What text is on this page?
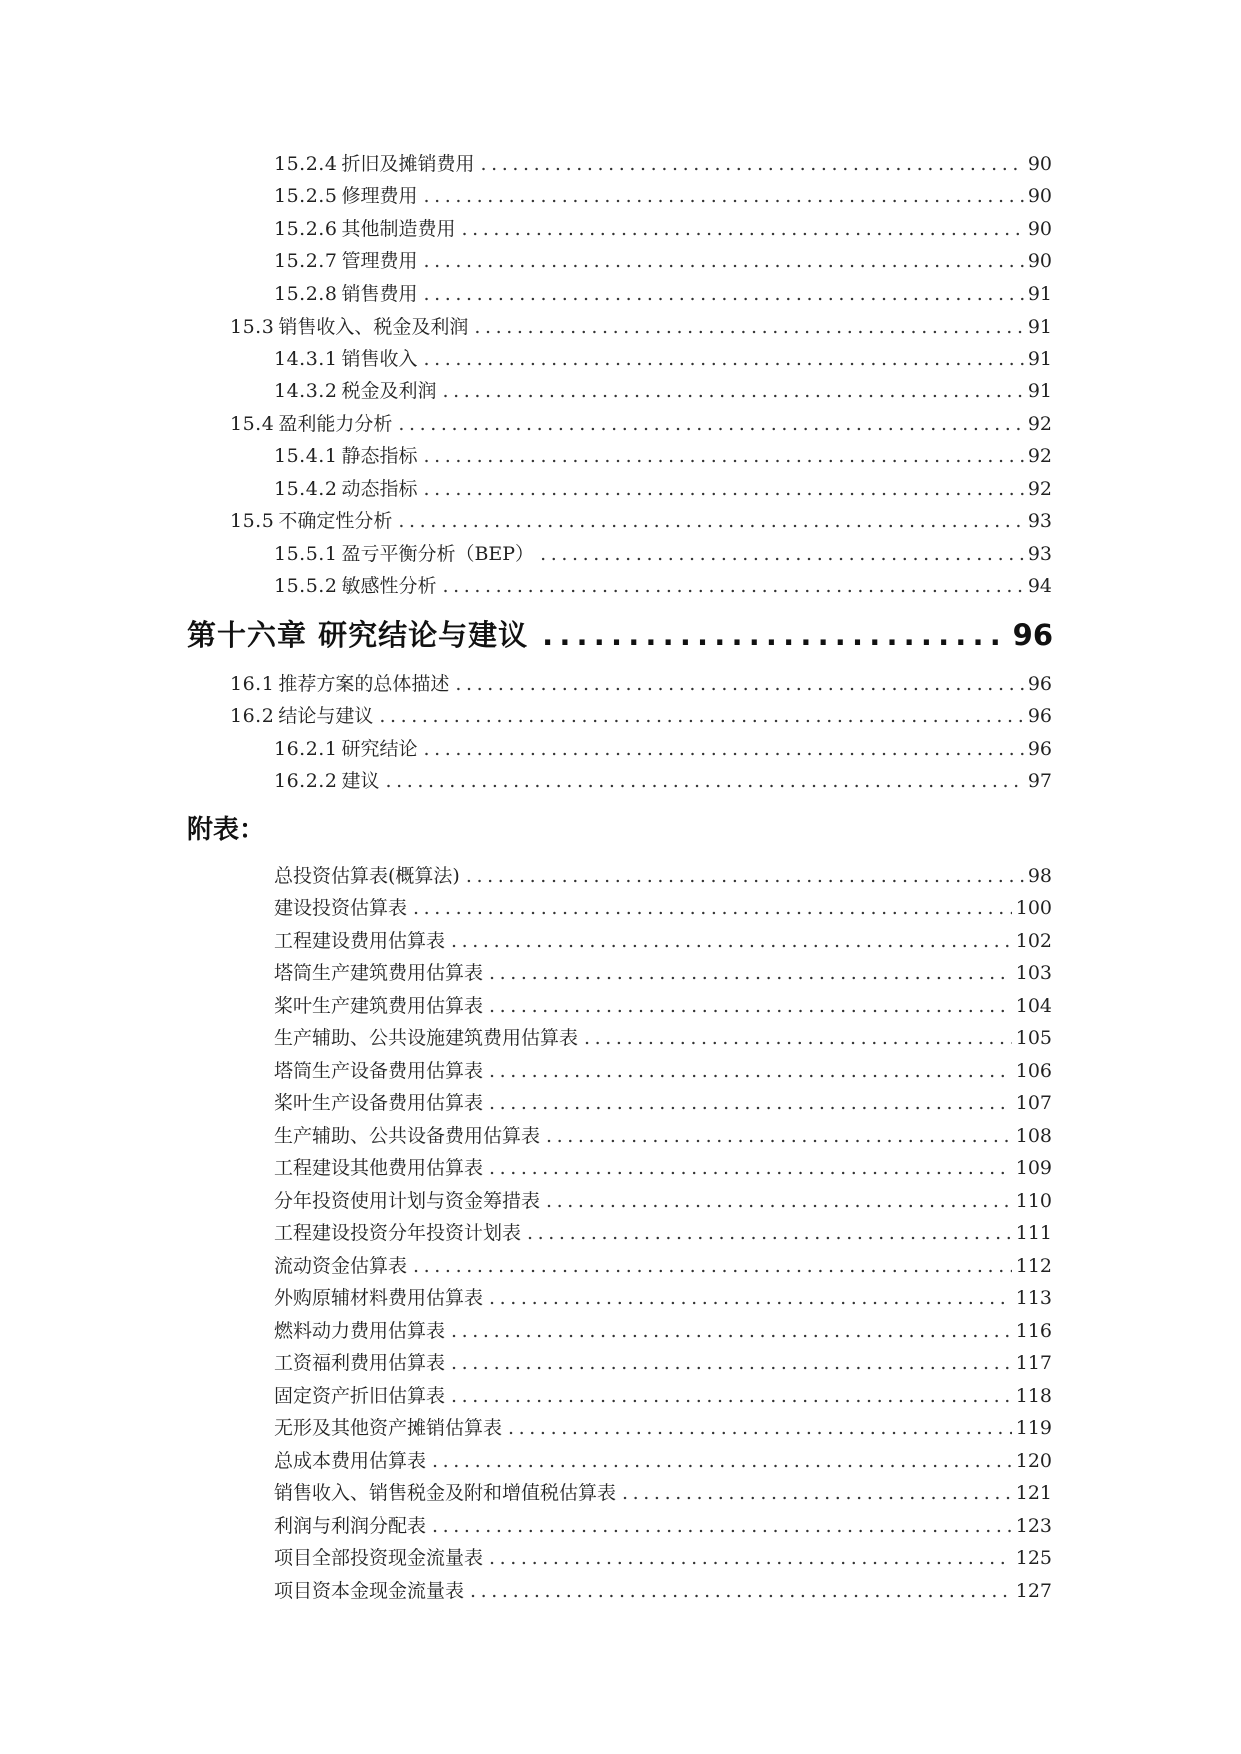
15.2.4 折旧及摊销费用 .....	90
15.2.5 修理费用 .....	90
15.2.6 其他制造费用 .....	90
15.2.7 管理费用 .....	90
15.2.8 销售费用 .....	91
15.3 销售收入、税金及利润 .....	91
14.3.1 销售收入 .....	91
14.3.2 税金及利润 .....	91
15.4 盈利能力分析 .....	92
15.4.1 静态指标 .....	92
15.4.2 动态指标 .....	92
15.5 不确定性分析 .....	93
15.5.1 盈亏平衡分析（BEP） .....	93
15.5.2 敏感性分析 .....	94
第十六章 研究结论与建议 .....	96
16.1 推荐方案的总体描述 .....	96
16.2 结论与建议 .....	96
16.2.1 研究结论 .....	96
16.2.2 建议 .....	97
附表：
总投资估算表(概算法) .....	98
建设投资估算表 .....	100
工程建设费用估算表 .....	102
塔筒生产建筑费用估算表 .....	103
桨叶生产建筑费用估算表 .....	104
生产辅助、公共设施建筑费用估算表 .....	105
塔筒生产设备费用估算表 .....	106
桨叶生产设备费用估算表 .....	107
生产辅助、公共设备费用估算表 .....	108
工程建设其他费用估算表 .....	109
分年投资使用计划与资金筹措表 .....	110
工程建设投资分年投资计划表 .....	111
流动资金估算表 .....	112
外购原辅材料费用估算表 .....	113
燃料动力费用估算表 .....	116
工资福利费用估算表 .....	117
固定资产折旧估算表 .....	118
无形及其他资产摊销估算表 .....	119
总成本费用估算表 .....	120
销售收入、销售税金及附和增值税估算表 .....	121
利润与利润分配表 .....	123
项目全部投资现金流量表 .....	125
项目资本金现金流量表 .....	127
